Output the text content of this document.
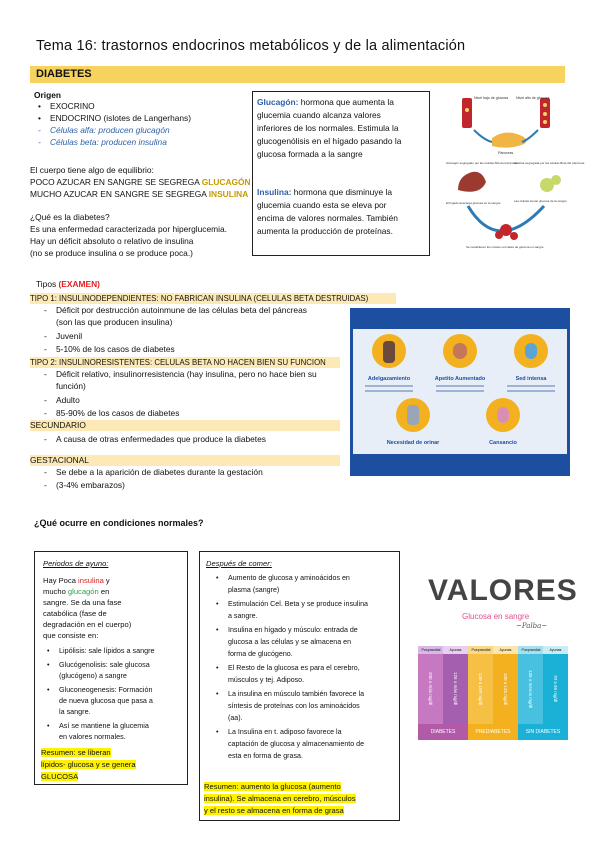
Tema 16: trastornos endocrinos metabólicos y de la alimentación
DIABETES
Origen
• EXOCRINO
• ENDOCRINO (islotes de Langerhans)
- Células alfa: producen glucagón
- Células beta: producen insulina
El cuerpo tiene algo de equilibrio:
POCO AZUCAR EN SANGRE SE SEGREGA GLUCAGÓN
MUCHO AZUCAR EN SANGRE SE SEGREGA INSULINA
¿Qué es la diabetes?
Es una enfermedad caracterizada por hiperglucemia.
Hay un déficit absoluto o relativo de insulina
(no se produce insulina o se produce poca.)
Glucagón: hormona que aumenta la
glucemia cuando alcanza valores
inferiores de los normales. Estimula la
glucogenólisis en el hígado pasando la
glucosa formada a la sangre
Insulina: hormona que disminuye la
glucemia cuando esta se eleva por
encima de valores normales. También
aumenta la producción de proteínas.
Nivel bajo de glucosa Nivel alto de glucosa
Páncreas
Glucagón segregado por las células Alfa del páncreas
Insulina segregada por las células Beta del páncreas
El hígado descarga glucosa en la sangre	Las células toman glucosa de la sangre
Se restablecen los niveles normales de glucosa en sangre
Tipos (EXAMEN)
TIPO 1: INSULINODEPENDIENTES: NO FABRICAN INSULINA (CELULAS BETA DESTRUIDAS)
- Déficit por destrucción autoinmune de las células beta del páncreas
(son las que producen insulina)
- Juvenil
- 5-10% de los casos de diabetes
TIPO 2: INSULINORESISTENTES: CELULAS BETA NO HACEN BIEN SU FUNCION
- Déficit relativo, insulinorresistencia (hay insulina, pero no hace bien su
función)
- Adulto
- 85-90% de los casos de diabetes
SECUNDARIO
- A causa de otras enfermedades que produce la diabetes
GESTACIONAL
- Se debe a la aparición de diabetes durante la gestación
- (3-4% embarazos)
Adelgazamiento	Apetito Aumentado	Sed intensa
Necesidad de orinar	Cansancio
¿Qué ocurre en condiciones normales?
Periodos de ayuno:
Hay Poca insulina y
mucho glucagón en
sangre. Se da una fase
catabólica (fase de
degradación en el cuerpo)
que consiste en:
• Lipólisis: sale lípidos a sangre
• Glucógenolisis: sale glucosa
(glucógeno) a sangre
• Gluconeogenesis: Formación
de nueva glucosa que pasa a
la sangre.
• Así se mantiene la glucemia
en valores normales.
Resumen: se liberan
lípidos- glucosa y se genera
GLUCOSA
Después de comer:
• Aumento de glucosa y aminoácidos en
plasma (sangre)
• Estimulación Cel. Beta y se produce insulina
a sangre.
• Insulina en hígado y músculo: entrada de
glucosa a las células y se almacena en
forma de glucógeno.
• El Resto de la glucosa es para el cerebro,
músculos y tej. Adiposo.
• La insulina en músculo también favorece la
síntesis de proteínas con los aminoácidos
(aa).
• La Insulina en t. adiposo favorece la
captación de glucosa y almacenamiento de
esta en forma de grasa.
Resumen: aumento la glucosa (aumento
insulina). Se almacena en cerebro, músculos
y el resto se almacena en forma de grasa
VALORES
Glucosa en sangre
~Palba~
Posprandial	Ayunas
200 o más mg/dl	126 o más mg/dl
DIABETES
Posprandial	Ayunas
140 a 199 mg/dl	100 a 125 mg/dl
PREDIABETES
Posprandial	Ayunas
139 o menos mg/dl	70 a 99 mg/dl
SIN DIABETES
